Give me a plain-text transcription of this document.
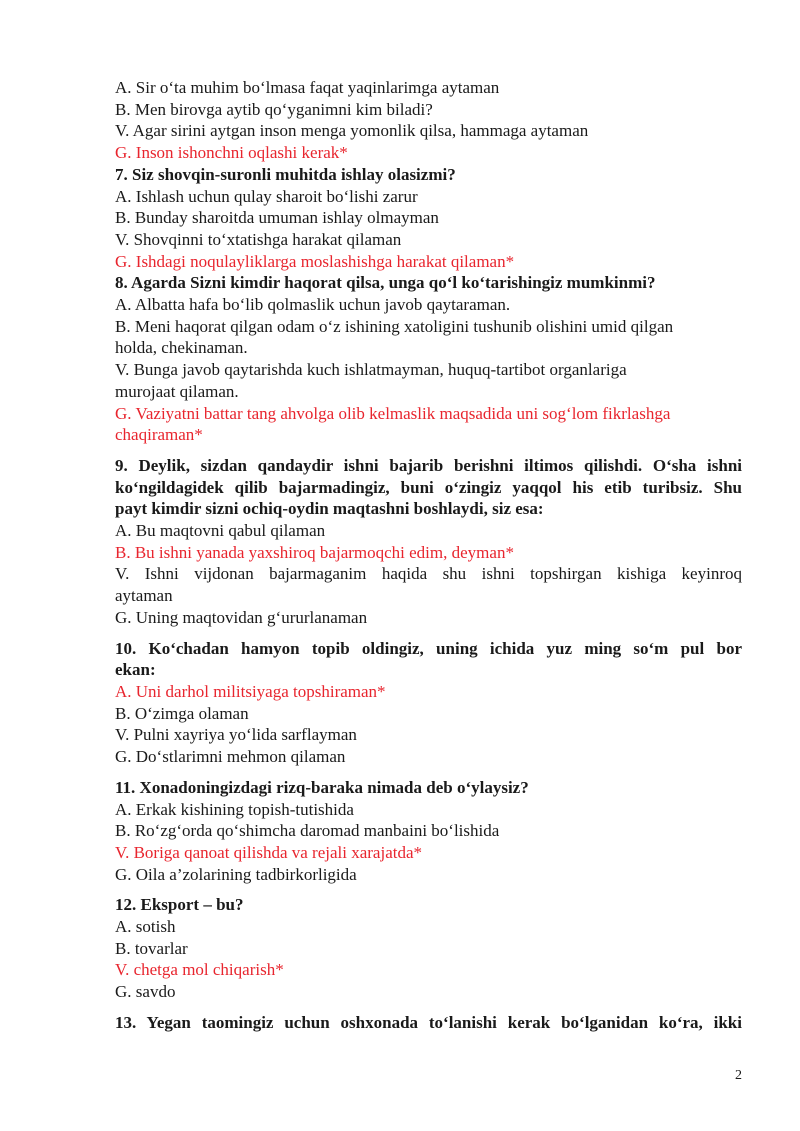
A. Sir o‘ta muhim bo‘lmasa faqat yaqinlarimga aytaman

B. Men birovga aytib qo‘yganimni kim biladi?

V. Agar sirini aytgan inson menga yomonlik qilsa, hammaga aytaman

G. Inson ishonchni oqlashi kerak*

7. Siz shovqin-suronli muhitda ishlay olasizmi?

A. Ishlash uchun qulay sharoit bo‘lishi zarur

B. Bunday sharoitda umuman ishlay olmayman

V. Shovqinni to‘xtatishga harakat qilaman

G. Ishdagi noqulayliklarga moslashishga harakat qilaman*

8. Agarda Sizni kimdir haqorat qilsa, unga qo‘l ko‘tarishingiz mumkinmi?

A. Albatta hafa bo‘lib qolmaslik uchun javob qaytaraman.

B. Meni haqorat qilgan odam o‘z ishining xatoligini tushunib olishini umid qilgan

holda, chekinaman.

V. Bunga javob qaytarishda kuch ishlatmayman, huquq-tartibot organlariga

murojaat qilaman.

G. Vaziyatni battar tang ahvolga olib kelmaslik maqsadida uni sog‘lom fikrlashga

chaqiraman*

9. Deylik, sizdan qandaydir ishni bajarib berishni iltimos qilishdi. O‘sha ishni

ko‘ngildagidek qilib bajarmadingiz, buni o‘zingiz yaqqol his etib turibsiz. Shu

payt kimdir sizni ochiq-oydin maqtashni boshlaydi, siz esa:

A. Bu maqtovni qabul qilaman

B. Bu ishni yanada yaxshiroq bajarmoqchi edim, deyman*

V. Ishni vijdonan bajarmaganim haqida shu ishni topshirgan kishiga keyinroq

aytaman

G. Uning maqtovidan g‘ururlanaman

10. Ko‘chadan hamyon topib oldingiz, uning ichida yuz ming so‘m pul bor

ekan:

A. Uni darhol militsiyaga topshiraman*

B. O‘zimga olaman

V. Pulni xayriya yo‘lida sarflayman

G. Do‘stlarimni mehmon qilaman

11. Xonadoningizdagi rizq-baraka nimada deb o‘ylaysiz?

A. Erkak kishining topish-tutishida

B. Ro‘zg‘orda qo‘shimcha daromad manbaini bo‘lishida

V. Boriga qanoat qilishda va rejali xarajatda*

G. Oila a’zolarining tadbirkorligida

12. Eksport – bu?

A. sotish

B. tovarlar

V. chetga mol chiqarish*

G. savdo

13. Yegan taomingiz uchun oshxonada to‘lanishi kerak bo‘lganidan ko‘ra, ikki

2
